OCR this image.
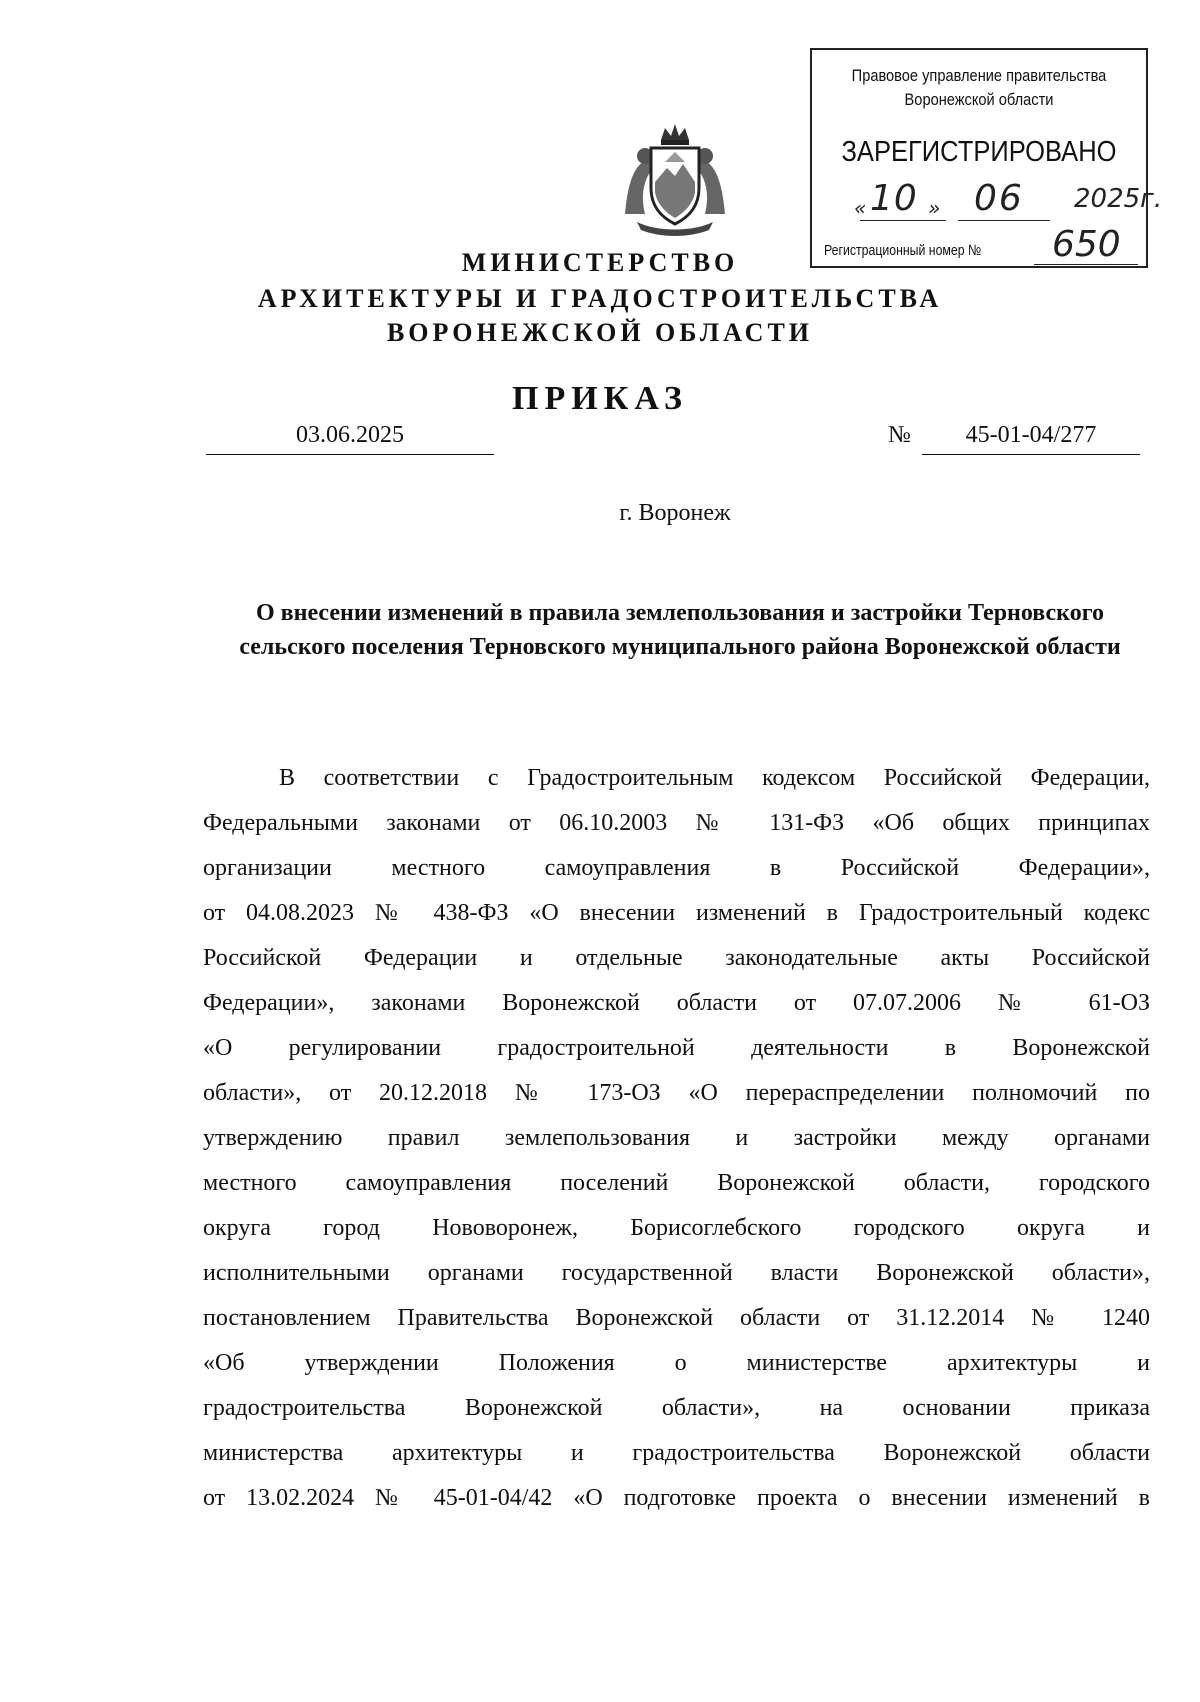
Правовое управление правительства
Воронежской области
ЗАРЕГИСТРИРОВАНО
« 10 » 06 2025г.
Регистрационный номер № 650
МИНИСТЕРСТВО
АРХИТЕКТУРЫ И ГРАДОСТРОИТЕЛЬСТВА
ВОРОНЕЖСКОЙ ОБЛАСТИ
ПРИКАЗ
03.06.2025	№	45-01-04/277
г. Воронеж
О внесении изменений в правила землепользования и застройки Терновского сельского поселения Терновского муниципального района Воронежской области
В соответствии с Градостроительным кодексом Российской Федерации,
Федеральными законами от 06.10.2003 № 131-ФЗ «Об общих принципах
организации местного самоуправления в Российской Федерации»,
от 04.08.2023 № 438-ФЗ «О внесении изменений в Градостроительный кодекс
Российской Федерации и отдельные законодательные акты Российской
Федерации», законами Воронежской области от 07.07.2006 № 61-ОЗ
«О регулировании градостроительной деятельности в Воронежской
области», от 20.12.2018 № 173-ОЗ «О перераспределении полномочий по
утверждению правил землепользования и застройки между органами
местного самоуправления поселений Воронежской области, городского
округа город Нововоронеж, Борисоглебского городского округа и
исполнительными органами государственной власти Воронежской области»,
постановлением Правительства Воронежской области от 31.12.2014 № 1240
«Об утверждении Положения о министерстве архитектуры и
градостроительства Воронежской области», на основании приказа
министерства архитектуры и градостроительства Воронежской области
от 13.02.2024 № 45-01-04/42 «О подготовке проекта о внесении изменений в
